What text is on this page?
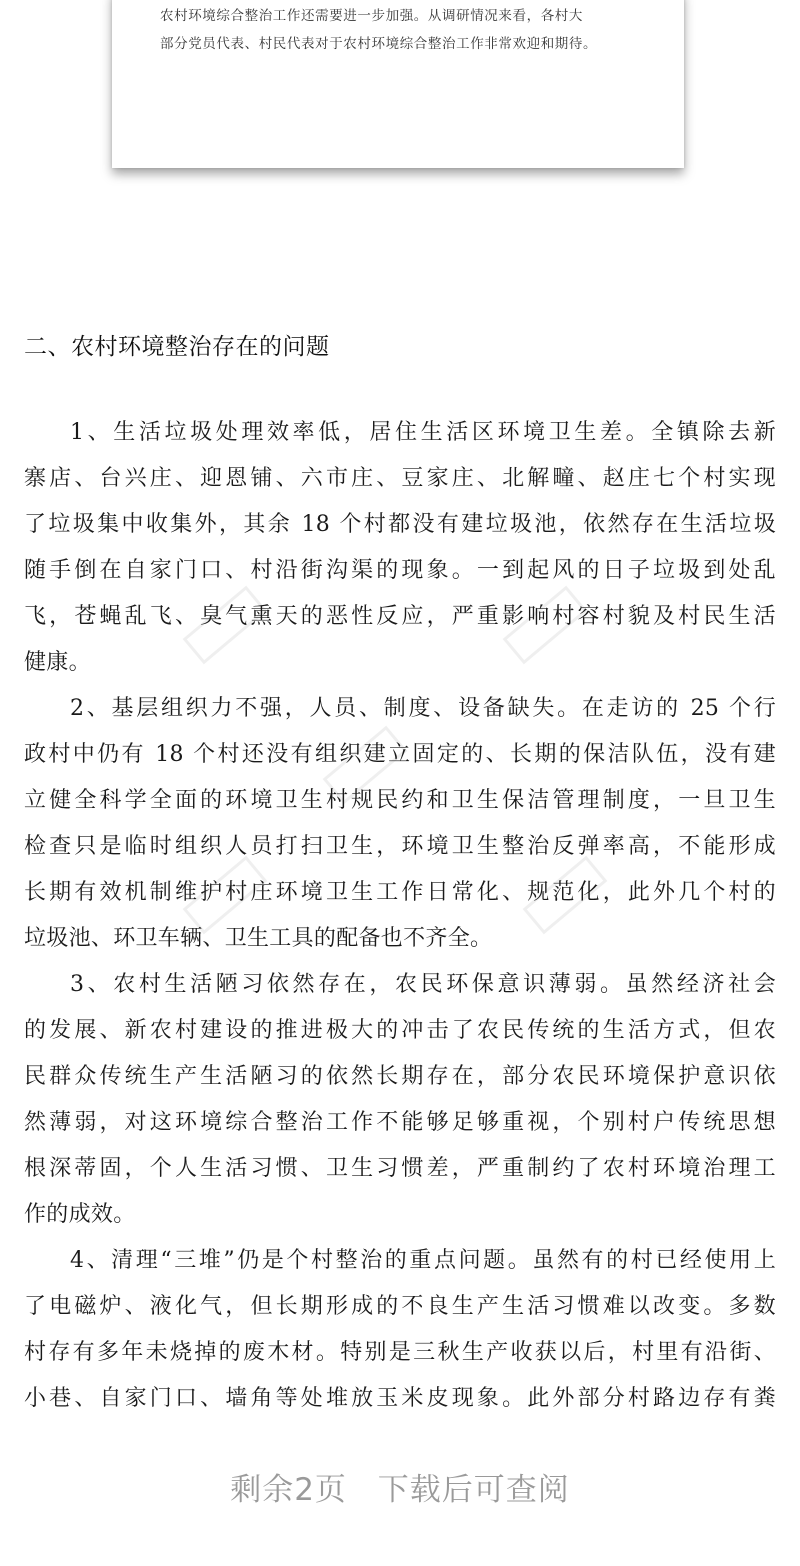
农村环境综合整治工作还需要进一步加强。从调研情况来看，各村大

部分党员代表、村民代表对于农村环境综合整治工作非常欢迎和期待。

二、农村环境整治存在的问题
1、生活垃圾处理效率低，居住生活区环境卫生差。全镇除去新
寨店、台兴庄、迎恩铺、六市庄、豆家庄、北解疃、赵庄七个村实现
了垃圾集中收集外，其余 18 个村都没有建垃圾池，依然存在生活垃圾
随手倒在自家门口、村沿街沟渠的现象。一到起风的日子垃圾到处乱
飞，苍蝇乱飞、臭气熏天的恶性反应，严重影响村容村貌及村民生活
健康。
2、基层组织力不强，人员、制度、设备缺失。在走访的 25 个行
政村中仍有 18 个村还没有组织建立固定的、长期的保洁队伍，没有建
立健全科学全面的环境卫生村规民约和卫生保洁管理制度，一旦卫生
检查只是临时组织人员打扫卫生，环境卫生整治反弹率高，不能形成
长期有效机制维护村庄环境卫生工作日常化、规范化，此外几个村的
垃圾池、环卫车辆、卫生工具的配备也不齐全。
3、农村生活陋习依然存在，农民环保意识薄弱。虽然经济社会
的发展、新农村建设的推进极大的冲击了农民传统的生活方式，但农
民群众传统生产生活陋习的依然长期存在，部分农民环境保护意识依
然薄弱，对这环境综合整治工作不能够足够重视，个别村户传统思想
根深蒂固，个人生活习惯、卫生习惯差，严重制约了农村环境治理工
作的成效。
4、清理“三堆”仍是个村整治的重点问题。虽然有的村已经使用上
了电磁炉、液化气，但长期形成的不良生产生活习惯难以改变。多数
村存有多年未烧掉的废木材。特别是三秋生产收获以后，村里有沿街、
小巷、自家门口、墙角等处堆放玉米皮现象。此外部分村路边存有粪
剩余2页 下载后可查阅
